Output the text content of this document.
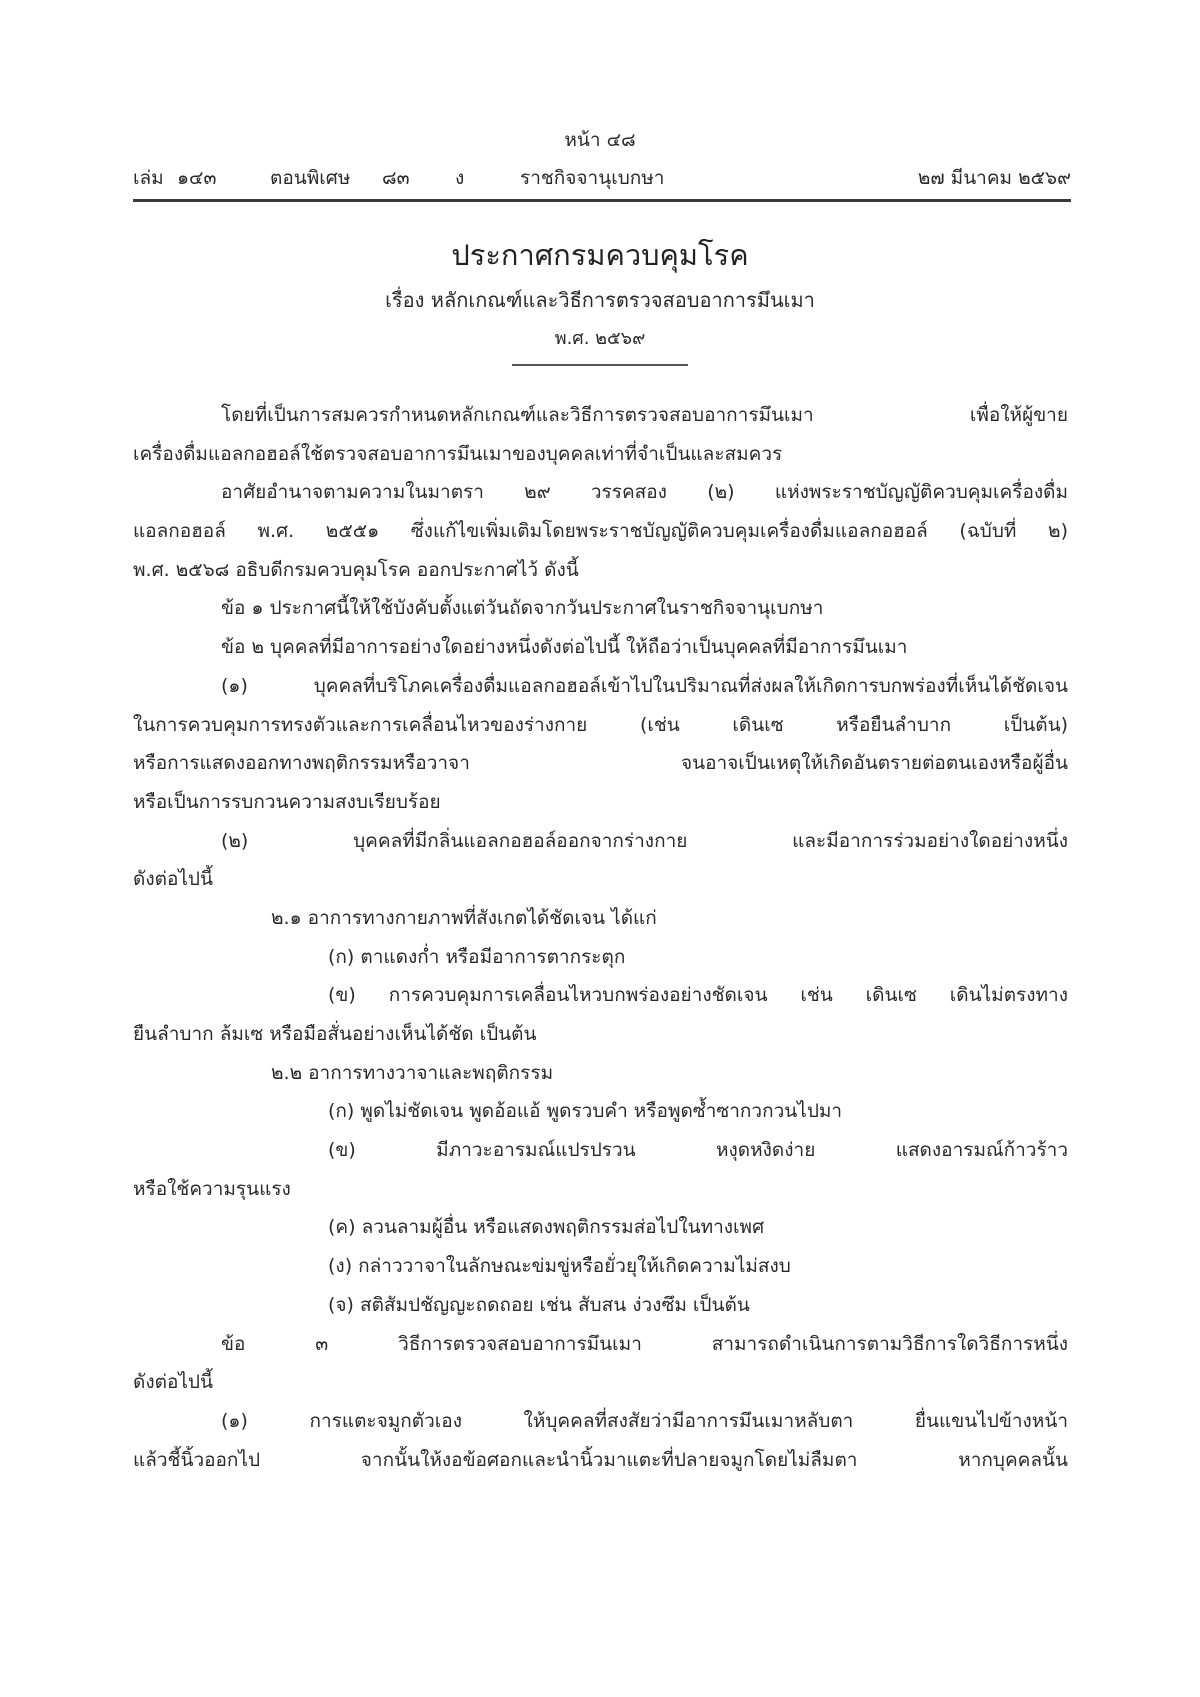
หน้า ๔๘
เล่ม ๑๔๓	ตอนพิเศษ ๘๓ ง	ราชกิจจานุเบกษา	๒๗ มีนาคม ๒๕๖๙
ประกาศกรมควบคุมโรค
เรื่อง หลักเกณฑ์และวิธีการตรวจสอบอาการมึนเมา
พ.ศ. ๒๕๖๙
โดยที่เป็นการสมควรกำหนดหลักเกณฑ์และวิธีการตรวจสอบอาการมึนเมา เพื่อให้ผู้ขาย
เครื่องดื่มแอลกอฮอล์ใช้ตรวจสอบอาการมึนเมาของบุคคลเท่าที่จำเป็นและสมควร
อาศัยอำนาจตามความในมาตรา ๒๙ วรรคสอง (๒) แห่งพระราชบัญญัติควบคุมเครื่องดื่ม
แอลกอฮอล์ พ.ศ. ๒๕๕๑ ซึ่งแก้ไขเพิ่มเติมโดยพระราชบัญญัติควบคุมเครื่องดื่มแอลกอฮอล์ (ฉบับที่ ๒)
พ.ศ. ๒๕๖๘ อธิบดีกรมควบคุมโรค ออกประกาศไว้ ดังนี้
ข้อ ๑ ประกาศนี้ให้ใช้บังคับตั้งแต่วันถัดจากวันประกาศในราชกิจจานุเบกษา
ข้อ ๒ บุคคลที่มีอาการอย่างใดอย่างหนึ่งดังต่อไปนี้ ให้ถือว่าเป็นบุคคลที่มีอาการมึนเมา
(๑) บุคคลที่บริโภคเครื่องดื่มแอลกอฮอล์เข้าไปในปริมาณที่ส่งผลให้เกิดการบกพร่องที่เห็นได้ชัดเจน
ในการควบคุมการทรงตัวและการเคลื่อนไหวของร่างกาย (เช่น เดินเซ หรือยืนลำบาก เป็นต้น)
หรือการแสดงออกทางพฤติกรรมหรือวาจา จนอาจเป็นเหตุให้เกิดอันตรายต่อตนเองหรือผู้อื่น
หรือเป็นการรบกวนความสงบเรียบร้อย
(๒) บุคคลที่มีกลิ่นแอลกอฮอล์ออกจากร่างกาย และมีอาการร่วมอย่างใดอย่างหนึ่ง
ดังต่อไปนี้
๒.๑ อาการทางกายภาพที่สังเกตได้ชัดเจน ได้แก่
(ก) ตาแดงก่ำ หรือมีอาการตากระตุก
(ข) การควบคุมการเคลื่อนไหวบกพร่องอย่างชัดเจน เช่น เดินเซ เดินไม่ตรงทาง
ยืนลำบาก ล้มเซ หรือมือสั่นอย่างเห็นได้ชัด เป็นต้น
๒.๒ อาการทางวาจาและพฤติกรรม
(ก) พูดไม่ชัดเจน พูดอ้อแอ้ พูดรวบคำ หรือพูดซ้ำซากวกวนไปมา
(ข) มีภาวะอารมณ์แปรปรวน หงุดหงิดง่าย แสดงอารมณ์ก้าวร้าว
หรือใช้ความรุนแรง
(ค) ลวนลามผู้อื่น หรือแสดงพฤติกรรมส่อไปในทางเพศ
(ง) กล่าววาจาในลักษณะข่มขู่หรือยั่วยุให้เกิดความไม่สงบ
(จ) สติสัมปชัญญะถดถอย เช่น สับสน ง่วงซึม เป็นต้น
ข้อ ๓ วิธีการตรวจสอบอาการมึนเมา สามารถดำเนินการตามวิธีการใดวิธีการหนึ่ง
ดังต่อไปนี้
(๑) การแตะจมูกตัวเอง ให้บุคคลที่สงสัยว่ามีอาการมึนเมาหลับตา ยื่นแขนไปข้างหน้า
แล้วชี้นิ้วออกไป จากนั้นให้งอข้อศอกและนำนิ้วมาแตะที่ปลายจมูกโดยไม่ลืมตา หากบุคคลนั้น
